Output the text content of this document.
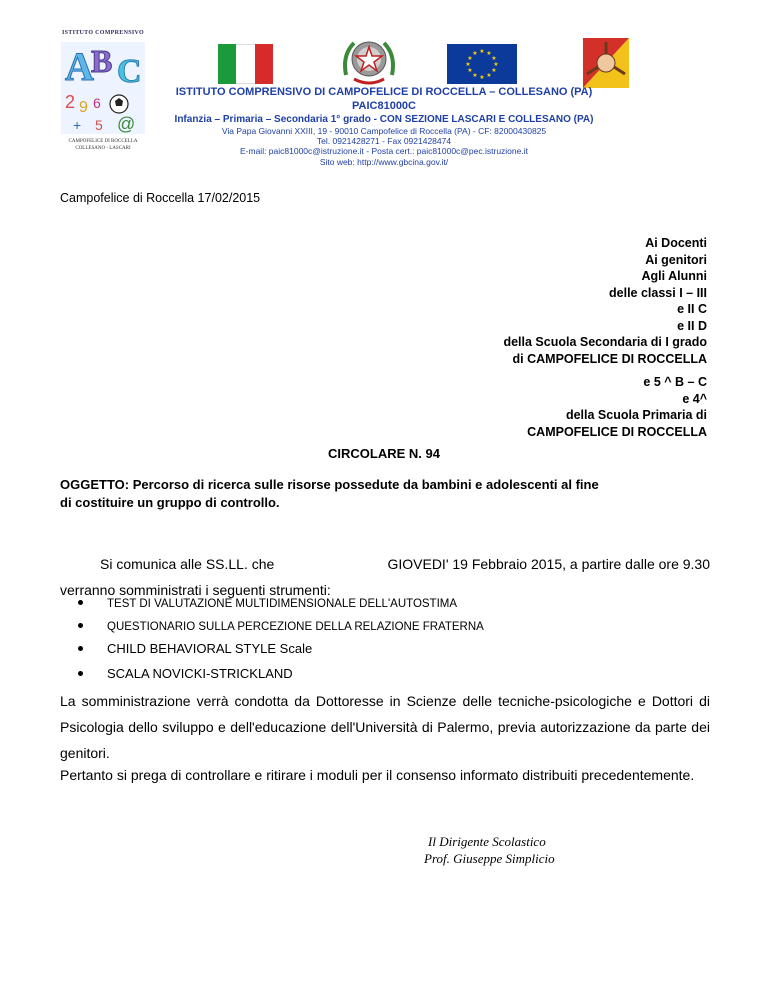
ISTITUTO COMPRENSIVO
A
B C
2 9 6
@
+ 5
CAMPOFELICE DI ROCCELLA
COLLESANO - LASCARI
★ ★
★
★
★
★
★
★
★
★
★
★
ISTITUTO COMPRENSIVO DI CAMPOFELICE DI ROCCELLA – COLLESANO (PA)
PAIC81000C
Infanzia – Primaria – Secondaria 1° grado - CON SEZIONE LASCARI E COLLESANO (PA)
Via Papa Giovanni XXIII, 19 - 90010 Campofelice di Roccella (PA) - CF: 82000430825
Tel. 0921428271 - Fax 0921428474
E-mail: paic81000c@istruzione.it - Posta cert.: paic81000c@pec.istruzione.it
Sito web: http://www.gbcina.gov.it/
Campofelice di Roccella 17/02/2015
Ai Docenti
Ai genitori
Agli Alunni
delle classi I – III
e II C
e II D
della Scuola Secondaria di I grado
di CAMPOFELICE DI ROCCELLA
e 5 ^ B – C
e 4^
della Scuola Primaria di
CAMPOFELICE DI ROCCELLA
CIRCOLARE N. 94
OGGETTO: Percorso di ricerca sulle risorse possedute da bambini e adolescenti al fine
di costituire un gruppo di controllo.
Si comunica alle SS.LL. che	GIOVEDI' 19 Febbraio 2015, a partire dalle ore 9.30
verranno somministrati i seguenti strumenti:
TEST DI VALUTAZIONE MULTIDIMENSIONALE DELL'AUTOSTIMA
QUESTIONARIO SULLA PERCEZIONE DELLA RELAZIONE FRATERNA
CHILD BEHAVIORAL STYLE Scale
SCALA NOVICKI-STRICKLAND
La somministrazione verrà condotta da Dottoresse in Scienze delle tecniche-psicologiche e Dottori di Psicologia dello sviluppo e dell'educazione dell'Università di Palermo, previa autorizzazione da parte dei genitori.
Pertanto si prega di controllare e ritirare i moduli per il consenso informato distribuiti precedentemente.
Il Dirigente Scolastico
Prof. Giuseppe Simplicio
